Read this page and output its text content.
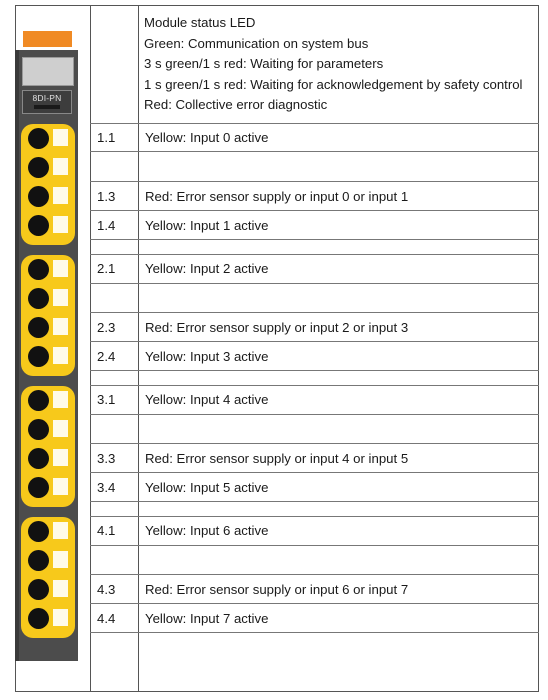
Module status LED
Green: Communication on system bus
3 s green/1 s red: Waiting for parameters
1 s green/1 s red: Waiting for acknowledgement by safety control
Red: Collective error diagnostic
1.1 Yellow: Input 0 active
1.3 Red: Error sensor supply or input 0 or input 1
1.4 Yellow: Input 1 active
2.1 Yellow: Input 2 active
2.3 Red: Error sensor supply or input 2 or input 3
2.4 Yellow: Input 3 active
3.1 Yellow: Input 4 active
3.3 Red: Error sensor supply or input 4 or input 5
3.4 Yellow: Input 5 active
4.1 Yellow: Input 6 active
4.3 Red: Error sensor supply or input 6 or input 7
4.4 Yellow: Input 7 active
8DI-PN
